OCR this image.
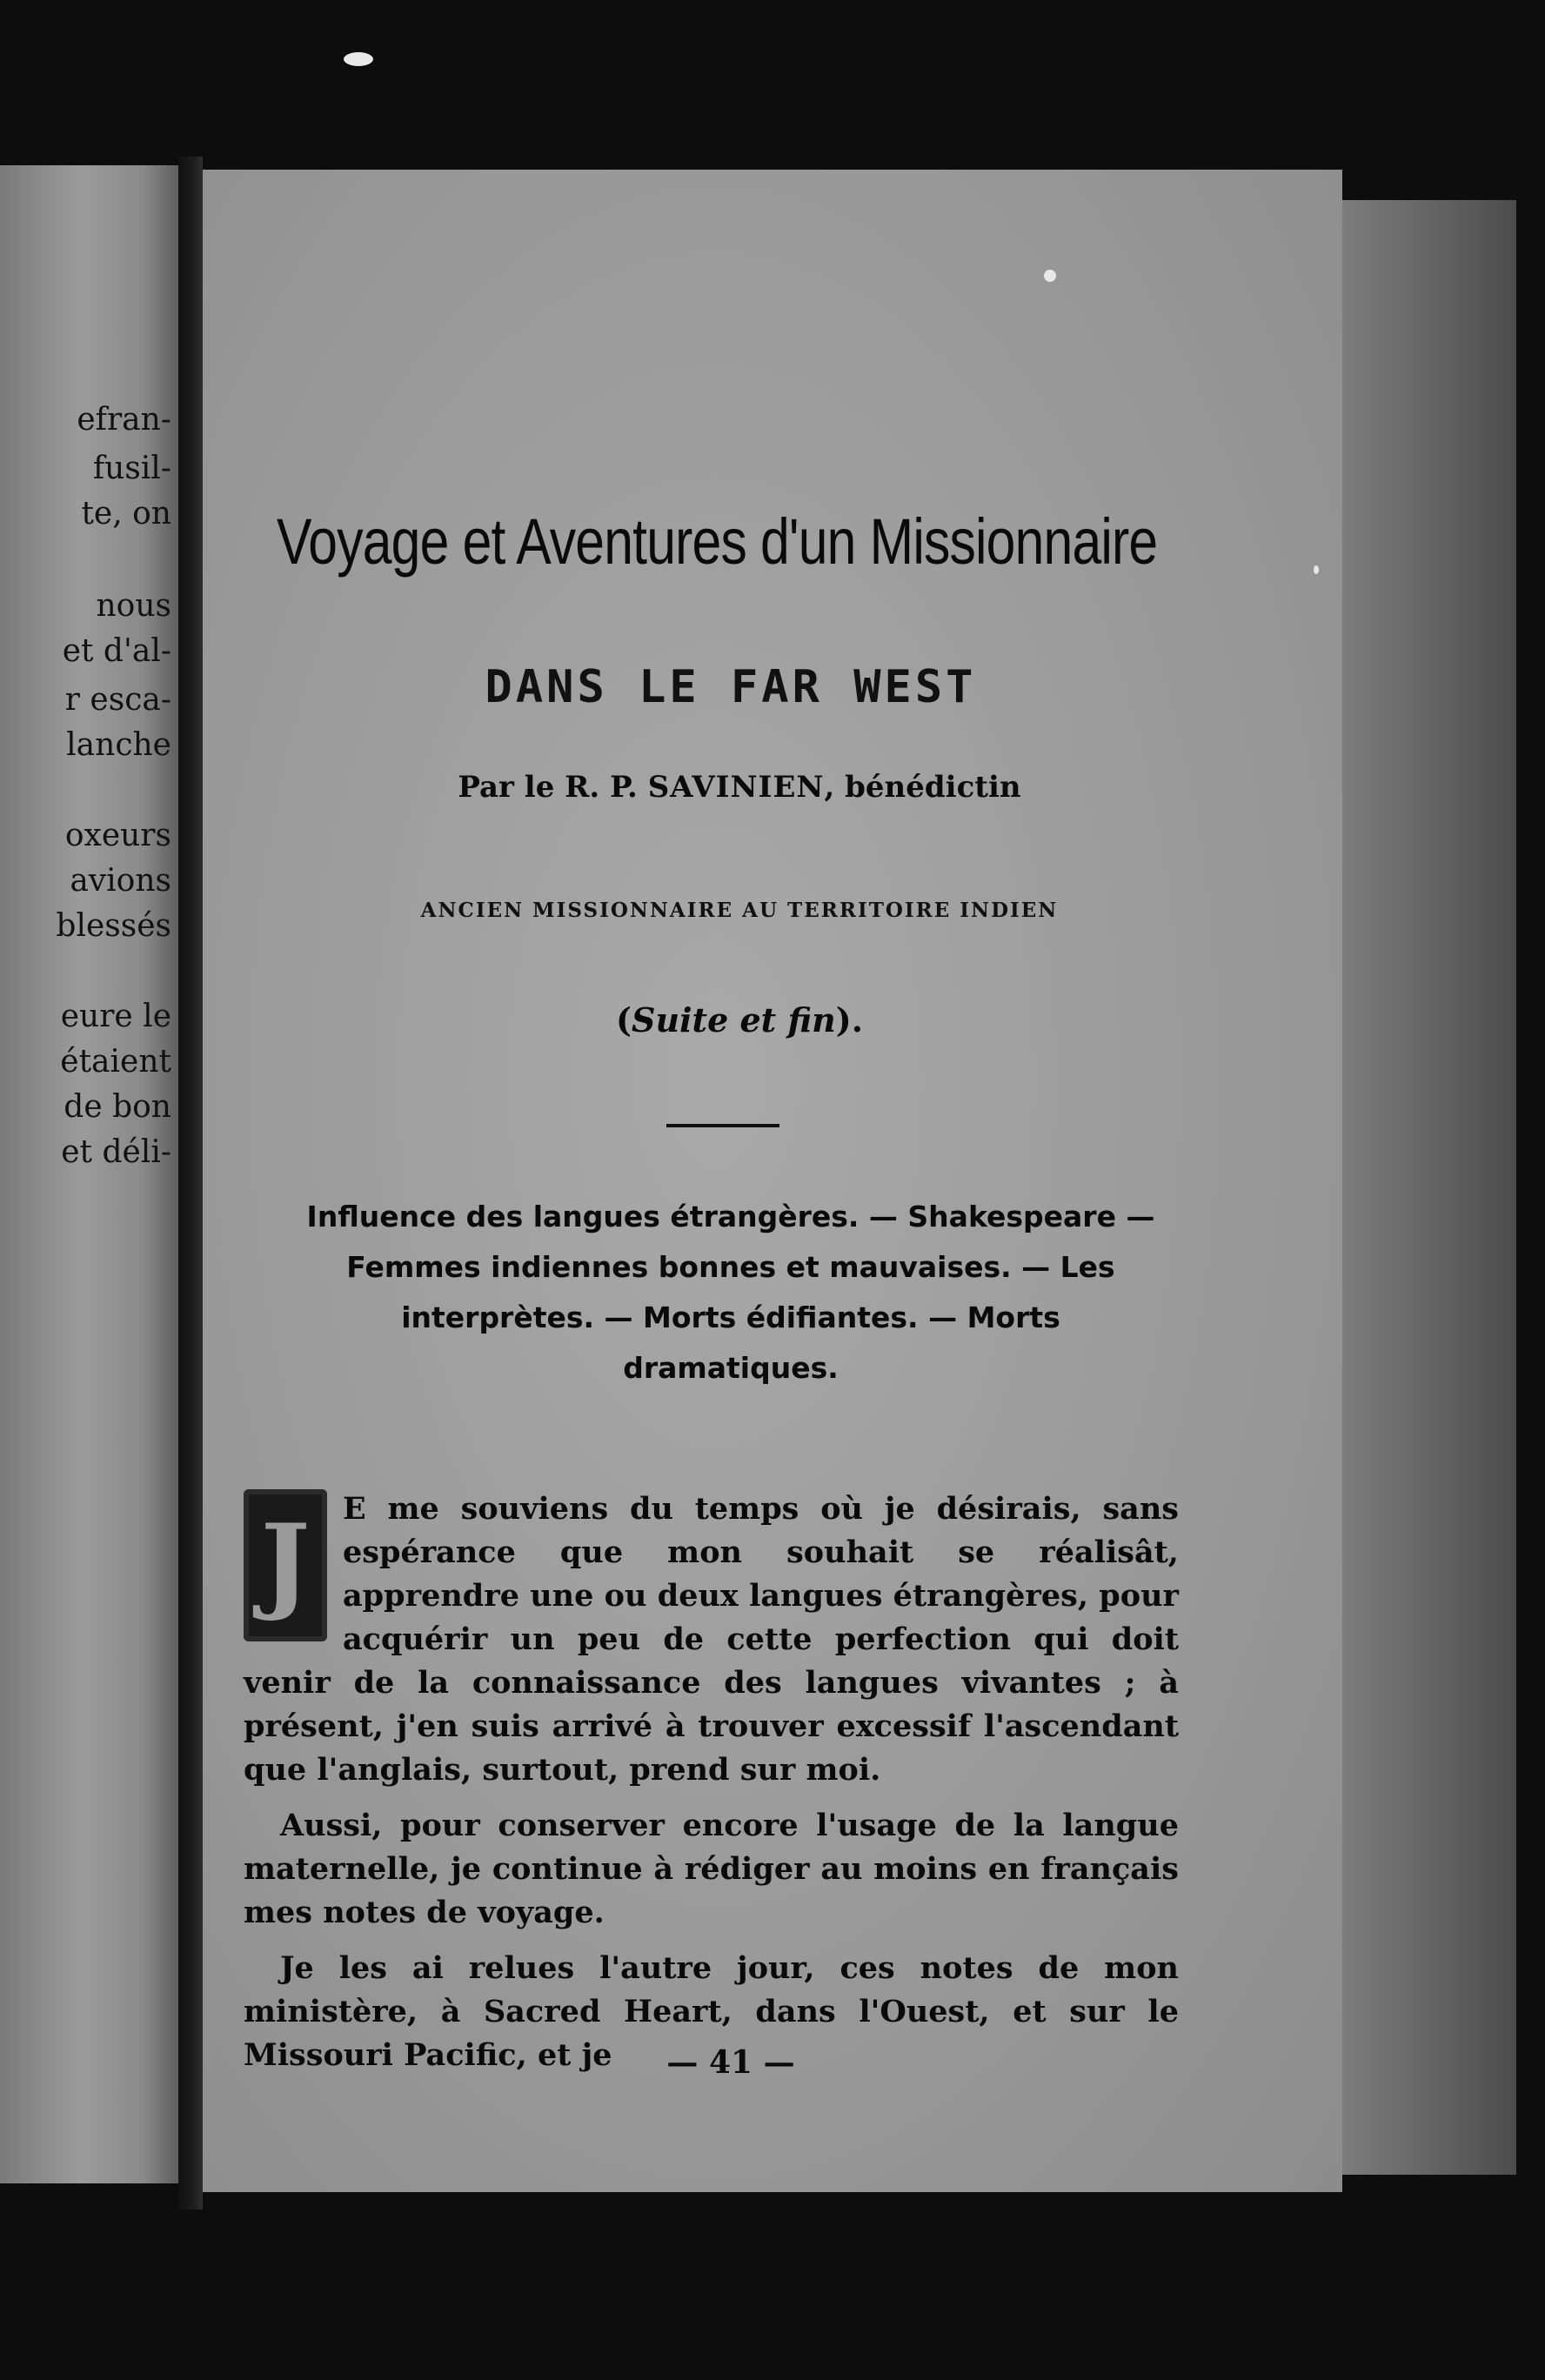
efran-
fusil-
te, on
nous
et d'al-
r esca-
lanche
oxeurs
avions
blessés
eure le
étaient
de bon
et déli-
Voyage et Aventures d'un Missionnaire
DANS LE FAR WEST
Par le R. P. SAVINIEN, bénédictin
ANCIEN MISSIONNAIRE AU TERRITOIRE INDIEN
(Suite et fin).
Influence des langues étrangères. — Shakespeare —
Femmes indiennes bonnes et mauvaises. — Les
interprètes. — Morts édifiantes. — Morts
dramatiques.

J	E me souviens du temps où je désirais, sans espérance que mon souhait se réalisât, apprendre une ou deux langues étrangères, pour acquérir un peu de cette perfection qui doit venir de la connaissance des langues vivantes ; à présent, j'en suis arrivé à trouver excessif l'ascendant que l'anglais, surtout, prend sur moi.

Aussi, pour conserver encore l'usage de la langue maternelle, je continue à rédiger au moins en français mes notes de voyage.

Je les ai relues l'autre jour, ces notes de mon ministère, à Sacred Heart, dans l'Ouest, et sur le Missouri Pacific, et je	— 41 —
